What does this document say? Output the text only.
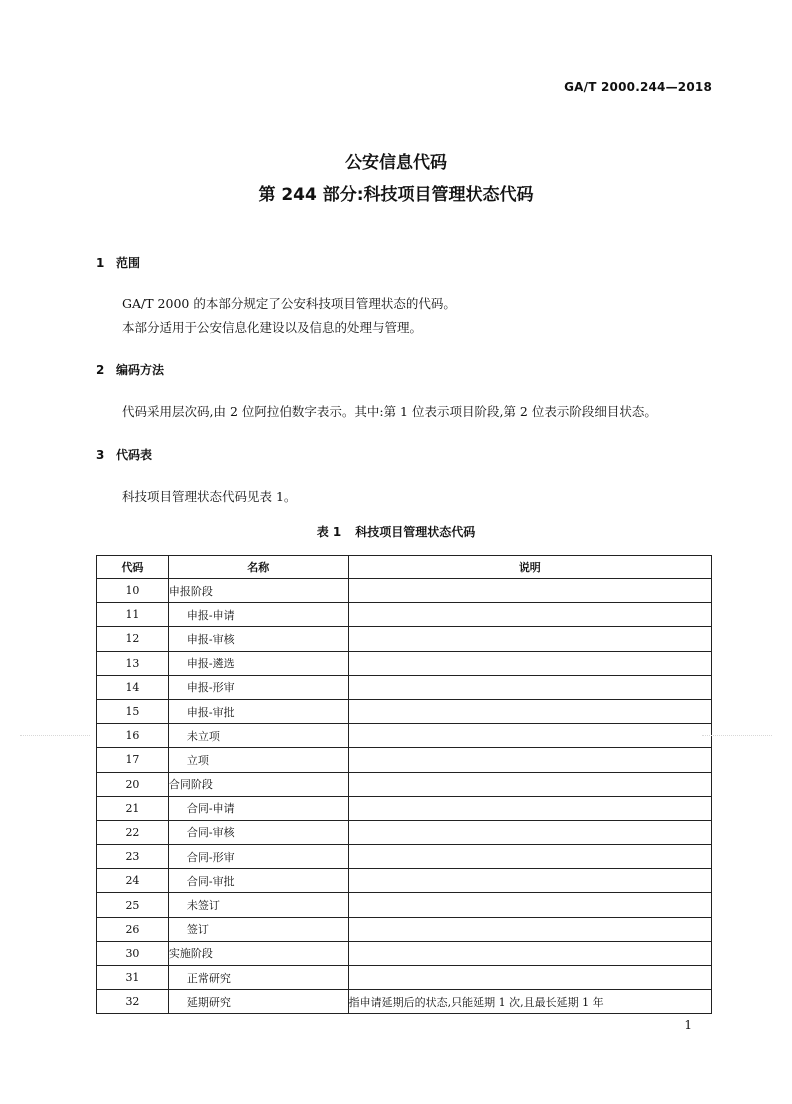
GA/T 2000.244—2018
公安信息代码
第 244 部分:科技项目管理状态代码
1 范围
GA/T 2000 的本部分规定了公安科技项目管理状态的代码。
本部分适用于公安信息化建设以及信息的处理与管理。
2 编码方法
代码采用层次码,由 2 位阿拉伯数字表示。其中:第 1 位表示项目阶段,第 2 位表示阶段细目状态。
3 代码表
科技项目管理状态代码见表 1。
表 1 科技项目管理状态代码
代码	名称	说明
10	申报阶段	
11	申报-申请	
12	申报-审核	
13	申报-遴选	
14	申报-形审	
15	申报-审批	
16	未立项	
17	立项	
20	合同阶段	
21	合同-申请	
22	合同-审核	
23	合同-形审	
24	合同-审批	
25	未签订	
26	签订	
30	实施阶段	
31	正常研究	
32	延期研究	指申请延期后的状态,只能延期 1 次,且最长延期 1 年
1
